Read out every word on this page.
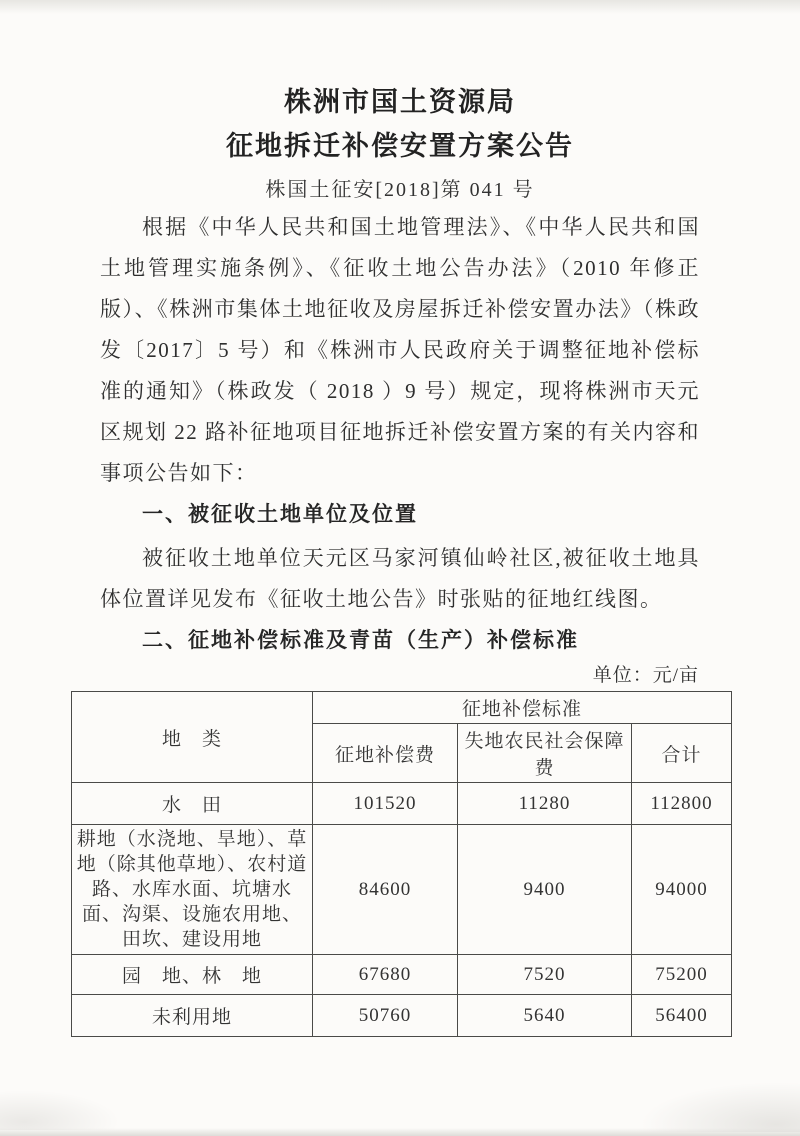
株洲市国土资源局
征地拆迁补偿安置方案公告
株国土征安[2018]第 041 号

根据《中华人民共和国土地管理法》、《中华人民共和国土地管理实施条例》、《征收土地公告办法》（2010 年修正版）、《株洲市集体土地征收及房屋拆迁补偿安置办法》（株政发〔2017〕5 号）和《株洲市人民政府关于调整征地补偿标准的通知》（株政发（ 2018 ）9 号）规定，现将株洲市天元区规划 22 路补征地项目征地拆迁补偿安置方案的有关内容和事项公告如下：

一、被征收土地单位及位置

被征收土地单位天元区马家河镇仙岭社区,被征收土地具体位置详见发布《征收土地公告》时张贴的征地红线图。

二、征地补偿标准及青苗（生产）补偿标准

单位：元/亩
地　类	征地补偿标准		
	征地补偿费	失地农民社会保障费	合计
水　田	101520	11280	112800
耕地（水浇地、旱地）、草地（除其他草地）、农村道路、水库水面、坑塘水面、沟渠、设施农用地、田坎、建设用地	84600	9400	94000
园　地、林　地	67680	7520	75200
未利用地	50760	5640	56400
